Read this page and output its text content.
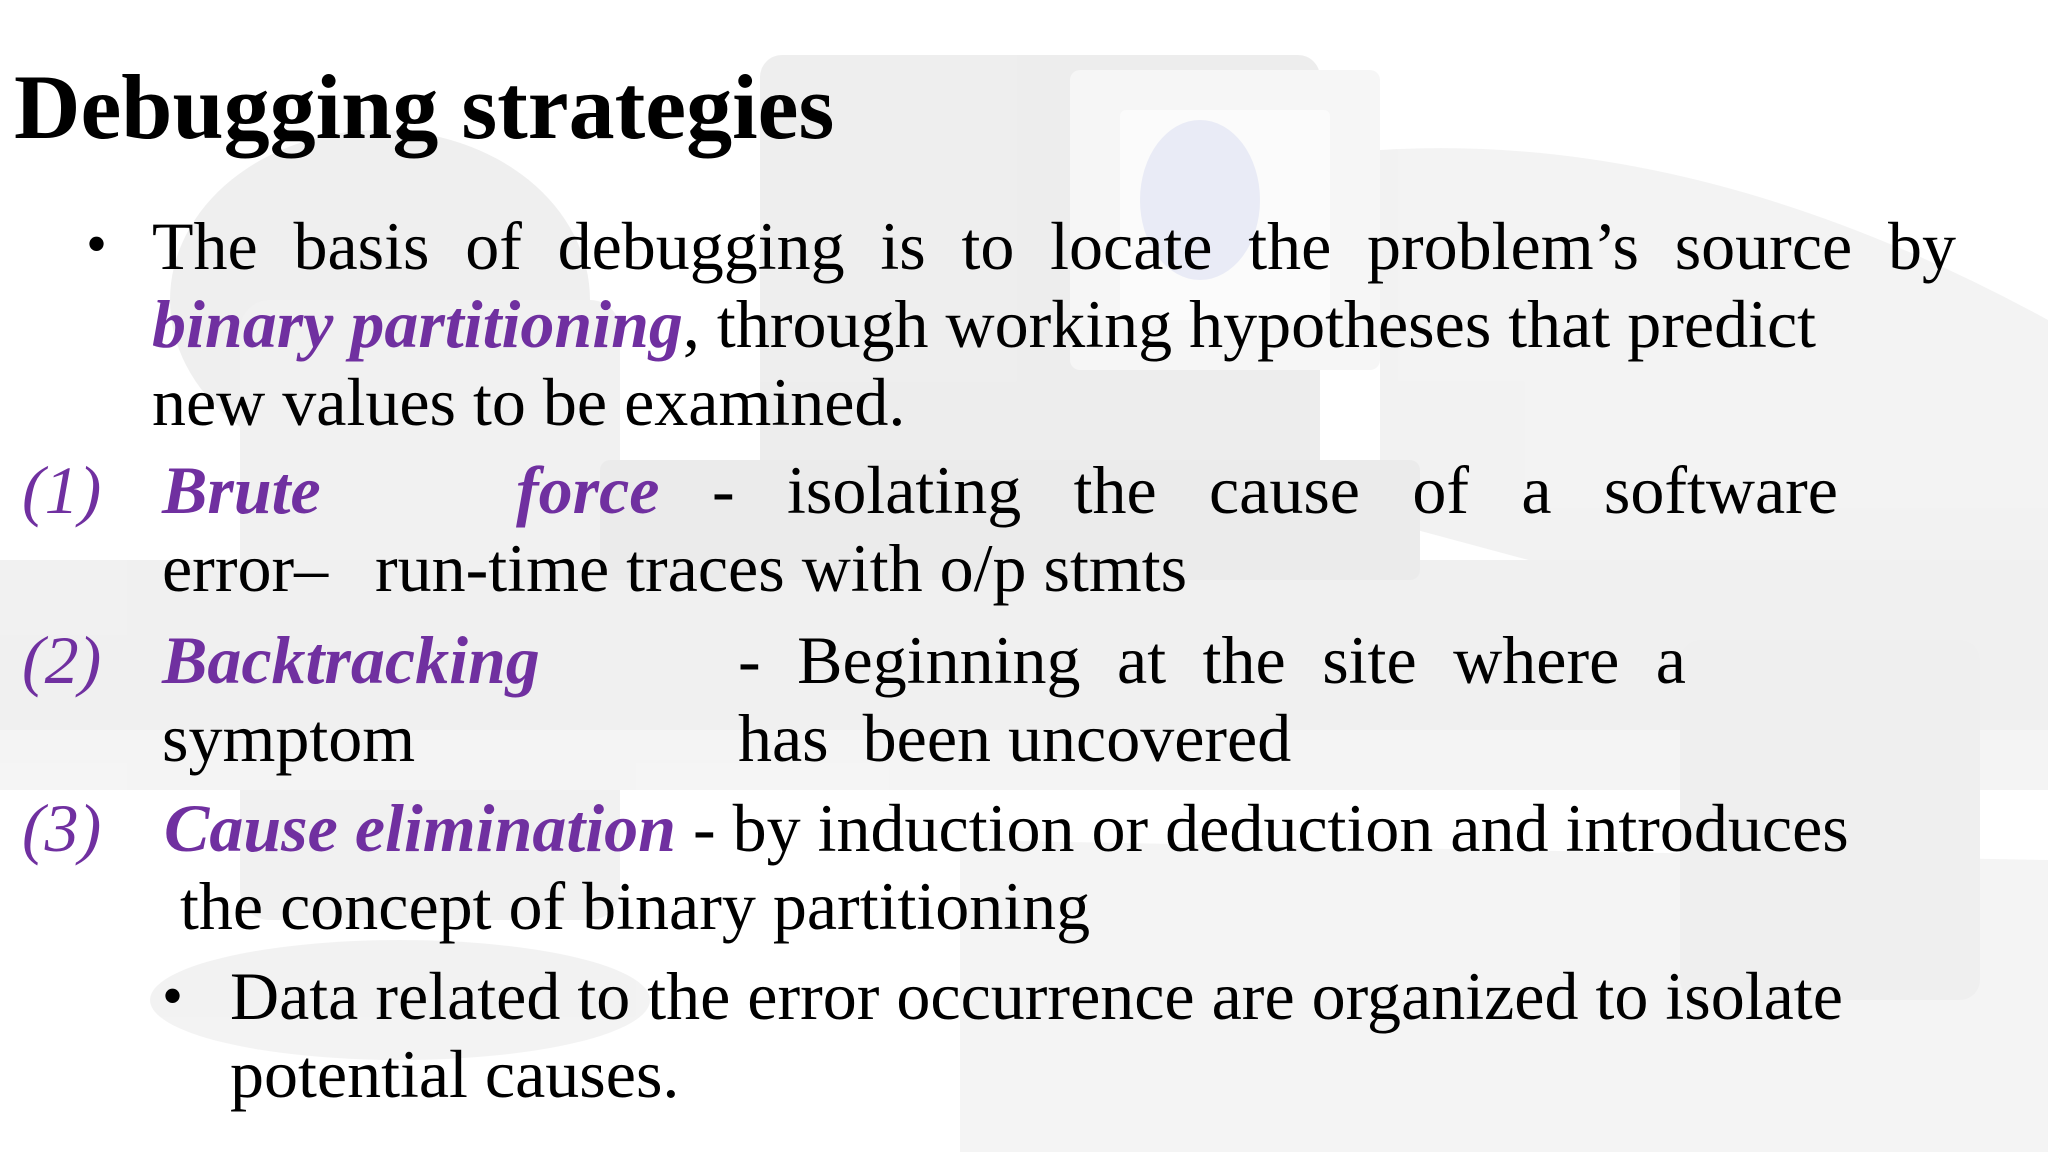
Debugging strategies
• The basis of debugging is to locate the problem’s source by
binary partitioning, through working hypotheses that predict
new values to be examined.
(1) Brute	force - isolating the cause of a software
error– run-time traces with o/p stmts
(2) Backtracking	- Beginning at the site where a
symptom	has  been uncovered
(3) Cause elimination - by induction or deduction and introduces
the concept of binary partitioning
• Data related to the error occurrence are organized to isolate
potential causes.
